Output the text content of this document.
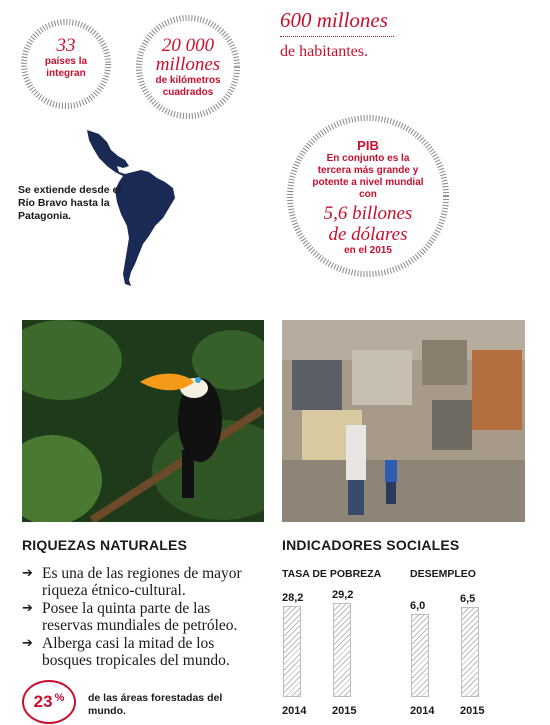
33
países la integran
20 000
millones
de kilómetros cuadrados
600 millones
de habitantes.
Se extiende desde el Río Bravo hasta la Patagonia.
PIB
En conjunto es la tercera más grande y potente a nivel mundial con
5,6 billones de dólares
en el 2015
RIQUEZAS NATURALES
➔ Es una de las regiones de mayor riqueza étnico-cultural.
➔ Posee la quinta parte de las reservas mundiales de petróleo.
➔ Alberga casi la mitad de los bosques tropicales del mundo.
23 % de las áreas forestadas del mundo.
INDICADORES SOCIALES
TASA DE POBREZA	DESEMPLEO
28,2
2014
29,2
2015
6,0
2014
6,5
2015
